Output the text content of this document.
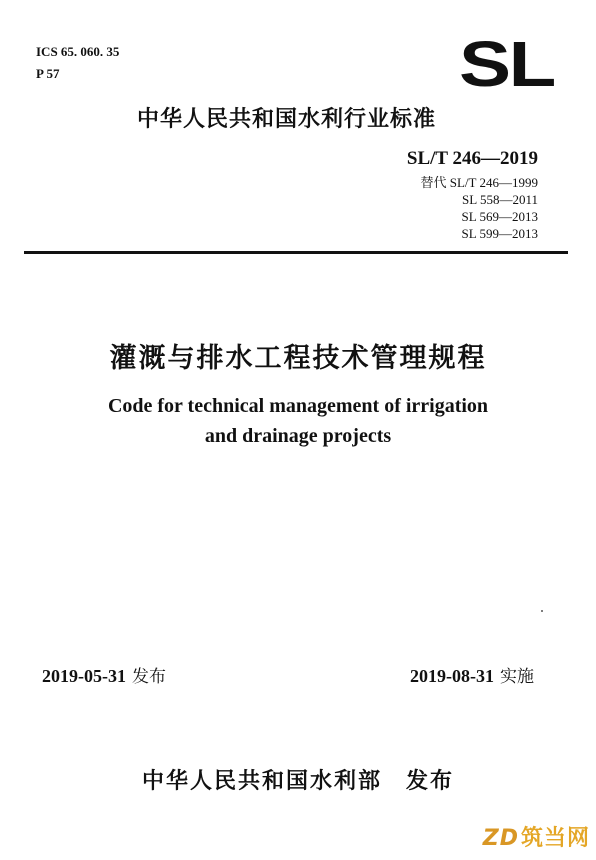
ICS 65. 060. 35
P 57	SL
中华人民共和国水利行业标准
SL/T 246—2019
替代 SL/T 246—1999
SL 558—2011
SL 569—2013
SL 599—2013
灌溉与排水工程技术管理规程
Code for technical management of irrigation
and drainage projects
2019-05-31 发布	2019-08-31 实施
中华人民共和国水利部　发布
ZD筑当网
